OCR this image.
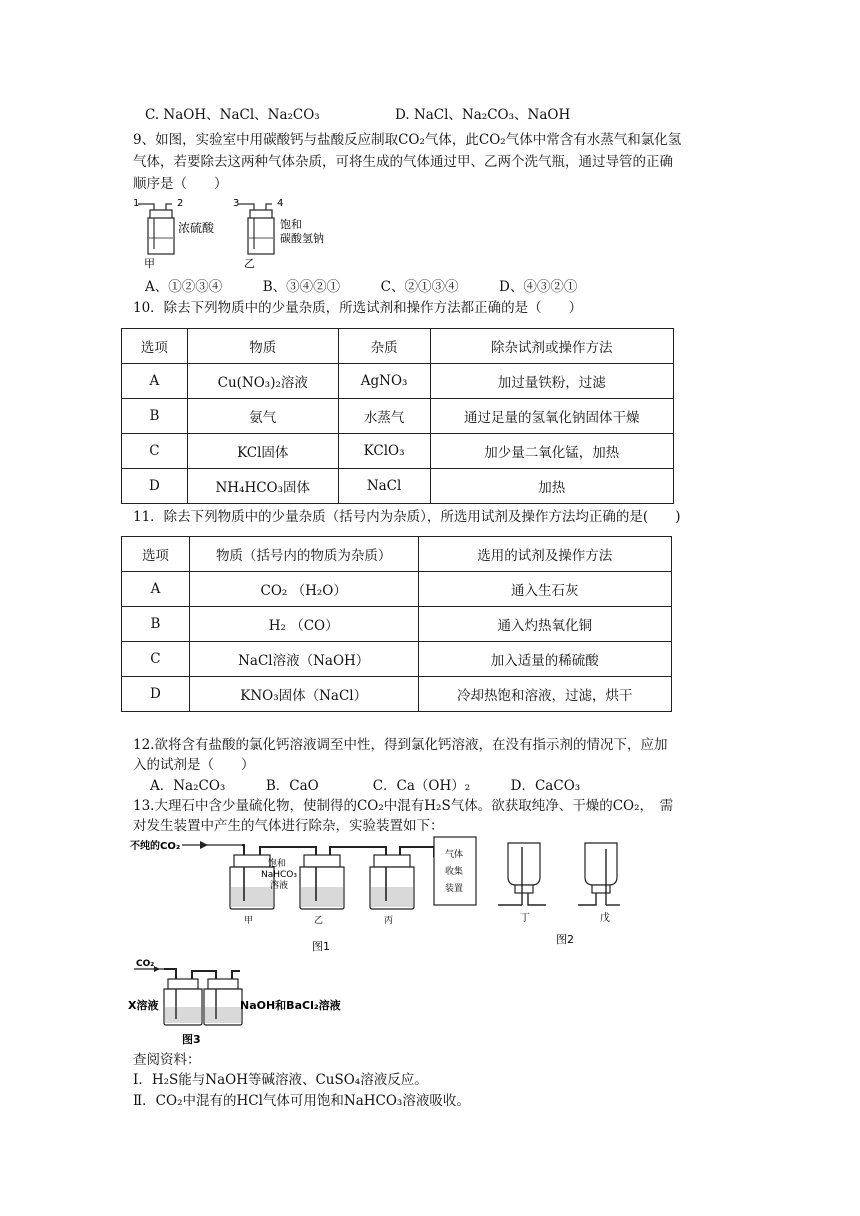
C. NaOH、NaCl、Na₂CO₃	D. NaCl、Na₂CO₃、NaOH
9、如图，实验室中用碳酸钙与盐酸反应制取CO₂气体，此CO₂气体中常含有水蒸气和氯化氢
气体，若要除去这两种气体杂质，可将生成的气体通过甲、乙两个洗气瓶，通过导管的正确
顺序是（　　）
1	2
甲
浓硫酸
3	4
乙
饱和
碳酸氢钠
A、①②③④　　　B、③④②①　　　C、②①③④　　　D、④③②①
10．除去下列物质中的少量杂质，所选试剂和操作方法都正确的是（　　）
选项	物质	杂质	除杂试剂或操作方法
A	Cu(NO₃)₂溶液	AgNO₃	加过量铁粉，过滤
B	氨气	水蒸气	通过足量的氢氧化钠固体干燥
C	KCl固体	KClO₃	加少量二氧化锰，加热
D	NH₄HCO₃固体	NaCl	加热
11．除去下列物质中的少量杂质（括号内为杂质），所选用试剂及操作方法均正确的是(　　)
选项	物质（括号内的物质为杂质）	选用的试剂及操作方法
A	CO₂ （H₂O）	通入生石灰
B	H₂ （CO）	通入灼热氧化铜
C	NaCl溶液（NaOH）	加入适量的稀硫酸
D	KNO₃固体（NaCl）	冷却热饱和溶液，过滤，烘干
12.欲将含有盐酸的氯化钙溶液调至中性，得到氯化钙溶液，在没有指示剂的情况下，应加
入的试剂是（　　）
A．Na₂CO₃　　　B．CaO　　　　C．Ca（OH）₂　　　D．CaCO₃
13.大理石中含少量硫化物，使制得的CO₂中混有H₂S气体。欲获取纯净、干燥的CO₂，　需
对发生装置中产生的气体进行除杂，实验装置如下：
不纯的CO₂
甲	乙
饱和
NaHCO₃
溶液
丙
气体
收集
装置
图1
丁	戊
图2
CO₂
X溶液	NaOH和BaCl₂溶液
图3
查阅资料：
Ⅰ．H₂S能与NaOH等碱溶液、CuSO₄溶液反应。
Ⅱ．CO₂中混有的HCl气体可用饱和NaHCO₃溶液吸收。
